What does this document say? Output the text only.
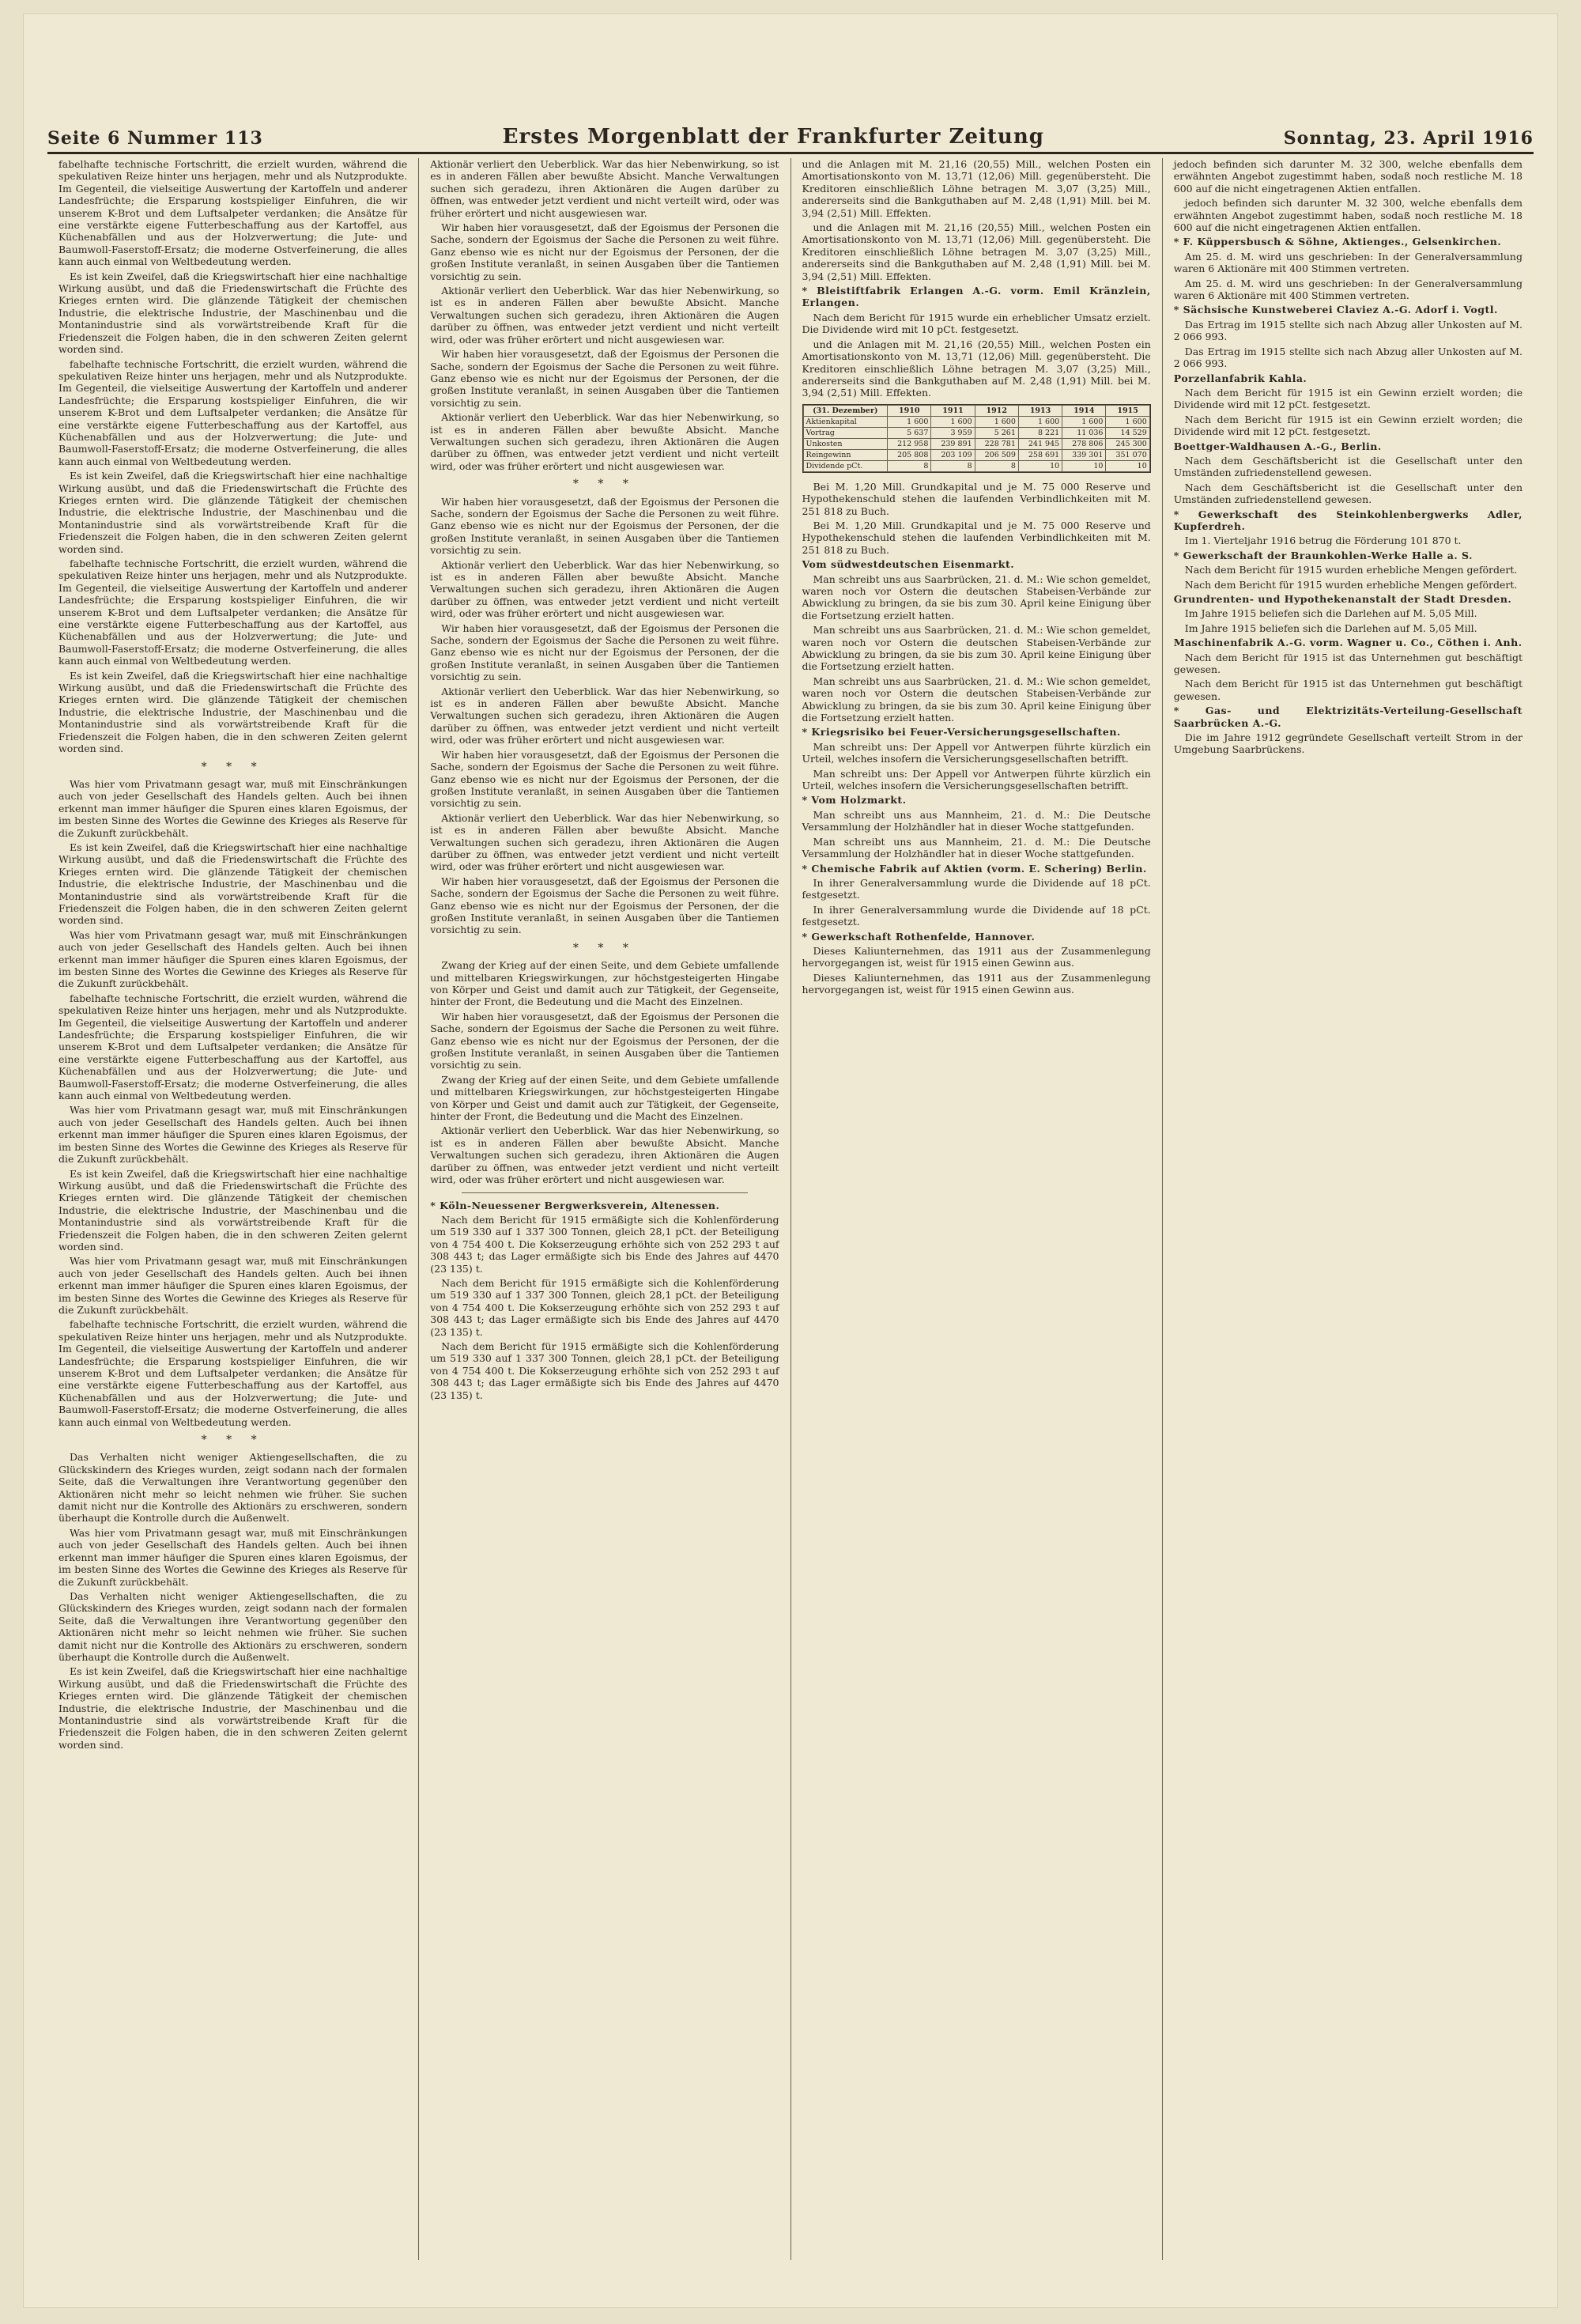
Seite 6 Nummer 113	Erstes Morgenblatt der Frankfurter Zeitung	Sonntag, 23. April 1916

fabelhafte technische Fortschritt, die erzielt wurden, während die spekulativen Reize hinter uns herjagen, mehr und als Nutzprodukte. Im Gegenteil, die vielseitige Auswertung der Kartoffeln und anderer Landesfrüchte; die Ersparung kostspieliger Einfuhren, die wir unserem K-Brot und dem Luftsalpeter verdanken; die Ansätze für eine verstärkte eigene Futterbeschaffung aus der Kartoffel, aus Küchenabfällen und aus der Holzverwertung; die Jute- und Baumwoll-Faserstoff-Ersatz; die moderne Ostverfeinerung, die alles kann auch einmal von Weltbedeutung werden.

Es ist kein Zweifel, daß die Kriegswirtschaft hier eine nachhaltige Wirkung ausübt, und daß die Friedenswirtschaft die Früchte des Krieges ernten wird. Die glänzende Tätigkeit der chemischen Industrie, die elektrische Industrie, der Maschinenbau und die Montanindustrie sind als vorwärtstreibende Kraft für die Friedenszeit die Folgen haben, die in den schweren Zeiten gelernt worden sind.

fabelhafte technische Fortschritt, die erzielt wurden, während die spekulativen Reize hinter uns herjagen, mehr und als Nutzprodukte. Im Gegenteil, die vielseitige Auswertung der Kartoffeln und anderer Landesfrüchte; die Ersparung kostspieliger Einfuhren, die wir unserem K-Brot und dem Luftsalpeter verdanken; die Ansätze für eine verstärkte eigene Futterbeschaffung aus der Kartoffel, aus Küchenabfällen und aus der Holzverwertung; die Jute- und Baumwoll-Faserstoff-Ersatz; die moderne Ostverfeinerung, die alles kann auch einmal von Weltbedeutung werden.

Es ist kein Zweifel, daß die Kriegswirtschaft hier eine nachhaltige Wirkung ausübt, und daß die Friedenswirtschaft die Früchte des Krieges ernten wird. Die glänzende Tätigkeit der chemischen Industrie, die elektrische Industrie, der Maschinenbau und die Montanindustrie sind als vorwärtstreibende Kraft für die Friedenszeit die Folgen haben, die in den schweren Zeiten gelernt worden sind.

fabelhafte technische Fortschritt, die erzielt wurden, während die spekulativen Reize hinter uns herjagen, mehr und als Nutzprodukte. Im Gegenteil, die vielseitige Auswertung der Kartoffeln und anderer Landesfrüchte; die Ersparung kostspieliger Einfuhren, die wir unserem K-Brot und dem Luftsalpeter verdanken; die Ansätze für eine verstärkte eigene Futterbeschaffung aus der Kartoffel, aus Küchenabfällen und aus der Holzverwertung; die Jute- und Baumwoll-Faserstoff-Ersatz; die moderne Ostverfeinerung, die alles kann auch einmal von Weltbedeutung werden.

Es ist kein Zweifel, daß die Kriegswirtschaft hier eine nachhaltige Wirkung ausübt, und daß die Friedenswirtschaft die Früchte des Krieges ernten wird. Die glänzende Tätigkeit der chemischen Industrie, die elektrische Industrie, der Maschinenbau und die Montanindustrie sind als vorwärtstreibende Kraft für die Friedenszeit die Folgen haben, die in den schweren Zeiten gelernt worden sind.

* * *

Was hier vom Privatmann gesagt war, muß mit Einschränkungen auch von jeder Gesellschaft des Handels gelten. Auch bei ihnen erkennt man immer häufiger die Spuren eines klaren Egoismus, der im besten Sinne des Wortes die Gewinne des Krieges als Reserve für die Zukunft zurückbehält.

Es ist kein Zweifel, daß die Kriegswirtschaft hier eine nachhaltige Wirkung ausübt, und daß die Friedenswirtschaft die Früchte des Krieges ernten wird. Die glänzende Tätigkeit der chemischen Industrie, die elektrische Industrie, der Maschinenbau und die Montanindustrie sind als vorwärtstreibende Kraft für die Friedenszeit die Folgen haben, die in den schweren Zeiten gelernt worden sind.

Was hier vom Privatmann gesagt war, muß mit Einschränkungen auch von jeder Gesellschaft des Handels gelten. Auch bei ihnen erkennt man immer häufiger die Spuren eines klaren Egoismus, der im besten Sinne des Wortes die Gewinne des Krieges als Reserve für die Zukunft zurückbehält.

fabelhafte technische Fortschritt, die erzielt wurden, während die spekulativen Reize hinter uns herjagen, mehr und als Nutzprodukte. Im Gegenteil, die vielseitige Auswertung der Kartoffeln und anderer Landesfrüchte; die Ersparung kostspieliger Einfuhren, die wir unserem K-Brot und dem Luftsalpeter verdanken; die Ansätze für eine verstärkte eigene Futterbeschaffung aus der Kartoffel, aus Küchenabfällen und aus der Holzverwertung; die Jute- und Baumwoll-Faserstoff-Ersatz; die moderne Ostverfeinerung, die alles kann auch einmal von Weltbedeutung werden.

Was hier vom Privatmann gesagt war, muß mit Einschränkungen auch von jeder Gesellschaft des Handels gelten. Auch bei ihnen erkennt man immer häufiger die Spuren eines klaren Egoismus, der im besten Sinne des Wortes die Gewinne des Krieges als Reserve für die Zukunft zurückbehält.

Es ist kein Zweifel, daß die Kriegswirtschaft hier eine nachhaltige Wirkung ausübt, und daß die Friedenswirtschaft die Früchte des Krieges ernten wird. Die glänzende Tätigkeit der chemischen Industrie, die elektrische Industrie, der Maschinenbau und die Montanindustrie sind als vorwärtstreibende Kraft für die Friedenszeit die Folgen haben, die in den schweren Zeiten gelernt worden sind.

Was hier vom Privatmann gesagt war, muß mit Einschränkungen auch von jeder Gesellschaft des Handels gelten. Auch bei ihnen erkennt man immer häufiger die Spuren eines klaren Egoismus, der im besten Sinne des Wortes die Gewinne des Krieges als Reserve für die Zukunft zurückbehält.

fabelhafte technische Fortschritt, die erzielt wurden, während die spekulativen Reize hinter uns herjagen, mehr und als Nutzprodukte. Im Gegenteil, die vielseitige Auswertung der Kartoffeln und anderer Landesfrüchte; die Ersparung kostspieliger Einfuhren, die wir unserem K-Brot und dem Luftsalpeter verdanken; die Ansätze für eine verstärkte eigene Futterbeschaffung aus der Kartoffel, aus Küchenabfällen und aus der Holzverwertung; die Jute- und Baumwoll-Faserstoff-Ersatz; die moderne Ostverfeinerung, die alles kann auch einmal von Weltbedeutung werden.

* * *

Das Verhalten nicht weniger Aktiengesellschaften, die zu Glückskindern des Krieges wurden, zeigt sodann nach der formalen Seite, daß die Verwaltungen ihre Verantwortung gegenüber den Aktionären nicht mehr so leicht nehmen wie früher. Sie suchen damit nicht nur die Kontrolle des Aktionärs zu erschweren, sondern überhaupt die Kontrolle durch die Außenwelt.

Was hier vom Privatmann gesagt war, muß mit Einschränkungen auch von jeder Gesellschaft des Handels gelten. Auch bei ihnen erkennt man immer häufiger die Spuren eines klaren Egoismus, der im besten Sinne des Wortes die Gewinne des Krieges als Reserve für die Zukunft zurückbehält.

Das Verhalten nicht weniger Aktiengesellschaften, die zu Glückskindern des Krieges wurden, zeigt sodann nach der formalen Seite, daß die Verwaltungen ihre Verantwortung gegenüber den Aktionären nicht mehr so leicht nehmen wie früher. Sie suchen damit nicht nur die Kontrolle des Aktionärs zu erschweren, sondern überhaupt die Kontrolle durch die Außenwelt.

Es ist kein Zweifel, daß die Kriegswirtschaft hier eine nachhaltige Wirkung ausübt, und daß die Friedenswirtschaft die Früchte des Krieges ernten wird. Die glänzende Tätigkeit der chemischen Industrie, die elektrische Industrie, der Maschinenbau und die Montanindustrie sind als vorwärtstreibende Kraft für die Friedenszeit die Folgen haben, die in den schweren Zeiten gelernt worden sind.

Aktionär verliert den Ueberblick. War das hier Nebenwirkung, so ist es in anderen Fällen aber bewußte Absicht. Manche Verwaltungen suchen sich geradezu, ihren Aktionären die Augen darüber zu öffnen, was entweder jetzt verdient und nicht verteilt wird, oder was früher erörtert und nicht ausgewiesen war.

Wir haben hier vorausgesetzt, daß der Egoismus der Personen die Sache, sondern der Egoismus der Sache die Personen zu weit führe. Ganz ebenso wie es nicht nur der Egoismus der Personen, der die großen Institute veranlaßt, in seinen Ausgaben über die Tantiemen vorsichtig zu sein.

Aktionär verliert den Ueberblick. War das hier Nebenwirkung, so ist es in anderen Fällen aber bewußte Absicht. Manche Verwaltungen suchen sich geradezu, ihren Aktionären die Augen darüber zu öffnen, was entweder jetzt verdient und nicht verteilt wird, oder was früher erörtert und nicht ausgewiesen war.

Wir haben hier vorausgesetzt, daß der Egoismus der Personen die Sache, sondern der Egoismus der Sache die Personen zu weit führe. Ganz ebenso wie es nicht nur der Egoismus der Personen, der die großen Institute veranlaßt, in seinen Ausgaben über die Tantiemen vorsichtig zu sein.

Aktionär verliert den Ueberblick. War das hier Nebenwirkung, so ist es in anderen Fällen aber bewußte Absicht. Manche Verwaltungen suchen sich geradezu, ihren Aktionären die Augen darüber zu öffnen, was entweder jetzt verdient und nicht verteilt wird, oder was früher erörtert und nicht ausgewiesen war.

* * *

Wir haben hier vorausgesetzt, daß der Egoismus der Personen die Sache, sondern der Egoismus der Sache die Personen zu weit führe. Ganz ebenso wie es nicht nur der Egoismus der Personen, der die großen Institute veranlaßt, in seinen Ausgaben über die Tantiemen vorsichtig zu sein.

Aktionär verliert den Ueberblick. War das hier Nebenwirkung, so ist es in anderen Fällen aber bewußte Absicht. Manche Verwaltungen suchen sich geradezu, ihren Aktionären die Augen darüber zu öffnen, was entweder jetzt verdient und nicht verteilt wird, oder was früher erörtert und nicht ausgewiesen war.

Wir haben hier vorausgesetzt, daß der Egoismus der Personen die Sache, sondern der Egoismus der Sache die Personen zu weit führe. Ganz ebenso wie es nicht nur der Egoismus der Personen, der die großen Institute veranlaßt, in seinen Ausgaben über die Tantiemen vorsichtig zu sein.

Aktionär verliert den Ueberblick. War das hier Nebenwirkung, so ist es in anderen Fällen aber bewußte Absicht. Manche Verwaltungen suchen sich geradezu, ihren Aktionären die Augen darüber zu öffnen, was entweder jetzt verdient und nicht verteilt wird, oder was früher erörtert und nicht ausgewiesen war.

Wir haben hier vorausgesetzt, daß der Egoismus der Personen die Sache, sondern der Egoismus der Sache die Personen zu weit führe. Ganz ebenso wie es nicht nur der Egoismus der Personen, der die großen Institute veranlaßt, in seinen Ausgaben über die Tantiemen vorsichtig zu sein.

Aktionär verliert den Ueberblick. War das hier Nebenwirkung, so ist es in anderen Fällen aber bewußte Absicht. Manche Verwaltungen suchen sich geradezu, ihren Aktionären die Augen darüber zu öffnen, was entweder jetzt verdient und nicht verteilt wird, oder was früher erörtert und nicht ausgewiesen war.

Wir haben hier vorausgesetzt, daß der Egoismus der Personen die Sache, sondern der Egoismus der Sache die Personen zu weit führe. Ganz ebenso wie es nicht nur der Egoismus der Personen, der die großen Institute veranlaßt, in seinen Ausgaben über die Tantiemen vorsichtig zu sein.

* * *

Zwang der Krieg auf der einen Seite, und dem Gebiete umfallende und mittelbaren Kriegswirkungen, zur höchstgesteigerten Hingabe von Körper und Geist und damit auch zur Tätigkeit, der Gegenseite, hinter der Front, die Bedeutung und die Macht des Einzelnen.

Wir haben hier vorausgesetzt, daß der Egoismus der Personen die Sache, sondern der Egoismus der Sache die Personen zu weit führe. Ganz ebenso wie es nicht nur der Egoismus der Personen, der die großen Institute veranlaßt, in seinen Ausgaben über die Tantiemen vorsichtig zu sein.

Zwang der Krieg auf der einen Seite, und dem Gebiete umfallende und mittelbaren Kriegswirkungen, zur höchstgesteigerten Hingabe von Körper und Geist und damit auch zur Tätigkeit, der Gegenseite, hinter der Front, die Bedeutung und die Macht des Einzelnen.

Aktionär verliert den Ueberblick. War das hier Nebenwirkung, so ist es in anderen Fällen aber bewußte Absicht. Manche Verwaltungen suchen sich geradezu, ihren Aktionären die Augen darüber zu öffnen, was entweder jetzt verdient und nicht verteilt wird, oder was früher erörtert und nicht ausgewiesen war.

* Köln-Neuessener Bergwerksverein, Altenessen.

Nach dem Bericht für 1915 ermäßigte sich die Kohlenförderung um 519 330 auf 1 337 300 Tonnen, gleich 28,1 pCt. der Beteiligung von 4 754 400 t. Die Kokserzeugung erhöhte sich von 252 293 t auf 308 443 t; das Lager ermäßigte sich bis Ende des Jahres auf 4470 (23 135) t.

Nach dem Bericht für 1915 ermäßigte sich die Kohlenförderung um 519 330 auf 1 337 300 Tonnen, gleich 28,1 pCt. der Beteiligung von 4 754 400 t. Die Kokserzeugung erhöhte sich von 252 293 t auf 308 443 t; das Lager ermäßigte sich bis Ende des Jahres auf 4470 (23 135) t.

Nach dem Bericht für 1915 ermäßigte sich die Kohlenförderung um 519 330 auf 1 337 300 Tonnen, gleich 28,1 pCt. der Beteiligung von 4 754 400 t. Die Kokserzeugung erhöhte sich von 252 293 t auf 308 443 t; das Lager ermäßigte sich bis Ende des Jahres auf 4470 (23 135) t.

und die Anlagen mit M. 21,16 (20,55) Mill., welchen Posten ein Amortisationskonto von M. 13,71 (12,06) Mill. gegenübersteht. Die Kreditoren einschließlich Löhne betragen M. 3,07 (3,25) Mill., andererseits sind die Bankguthaben auf M. 2,48 (1,91) Mill. bei M. 3,94 (2,51) Mill. Effekten.

und die Anlagen mit M. 21,16 (20,55) Mill., welchen Posten ein Amortisationskonto von M. 13,71 (12,06) Mill. gegenübersteht. Die Kreditoren einschließlich Löhne betragen M. 3,07 (3,25) Mill., andererseits sind die Bankguthaben auf M. 2,48 (1,91) Mill. bei M. 3,94 (2,51) Mill. Effekten.

* Bleistiftfabrik Erlangen A.-G. vorm. Emil Kränzlein, Erlangen.

Nach dem Bericht für 1915 wurde ein erheblicher Umsatz erzielt. Die Dividende wird mit 10 pCt. festgesetzt.

und die Anlagen mit M. 21,16 (20,55) Mill., welchen Posten ein Amortisationskonto von M. 13,71 (12,06) Mill. gegenübersteht. Die Kreditoren einschließlich Löhne betragen M. 3,07 (3,25) Mill., andererseits sind die Bankguthaben auf M. 2,48 (1,91) Mill. bei M. 3,94 (2,51) Mill. Effekten.

(31. Dezember)	1910	1911	1912	1913	1914	1915
Aktienkapital	1 600	1 600	1 600	1 600	1 600	1 600
Vortrag	5 637	3 959	5 261	8 221	11 036	14 529
Unkosten	212 958	239 891	228 781	241 945	278 806	245 300
Reingewinn	205 808	203 109	206 509	258 691	339 301	351 070
Dividende pCt.	8	8	8	10	10	10

Bei M. 1,20 Mill. Grundkapital und je M. 75 000 Reserve und Hypothekenschuld stehen die laufenden Verbindlichkeiten mit M. 251 818 zu Buch.

Bei M. 1,20 Mill. Grundkapital und je M. 75 000 Reserve und Hypothekenschuld stehen die laufenden Verbindlichkeiten mit M. 251 818 zu Buch.

Vom südwestdeutschen Eisenmarkt.

Man schreibt uns aus Saarbrücken, 21. d. M.: Wie schon gemeldet, waren noch vor Ostern die deutschen Stabeisen-Verbände zur Abwicklung zu bringen, da sie bis zum 30. April keine Einigung über die Fortsetzung erzielt hatten.

Man schreibt uns aus Saarbrücken, 21. d. M.: Wie schon gemeldet, waren noch vor Ostern die deutschen Stabeisen-Verbände zur Abwicklung zu bringen, da sie bis zum 30. April keine Einigung über die Fortsetzung erzielt hatten.

Man schreibt uns aus Saarbrücken, 21. d. M.: Wie schon gemeldet, waren noch vor Ostern die deutschen Stabeisen-Verbände zur Abwicklung zu bringen, da sie bis zum 30. April keine Einigung über die Fortsetzung erzielt hatten.

* Kriegsrisiko bei Feuer-Versicherungsgesellschaften.

Man schreibt uns: Der Appell vor Antwerpen führte kürzlich ein Urteil, welches insofern die Versicherungsgesellschaften betrifft.

Man schreibt uns: Der Appell vor Antwerpen führte kürzlich ein Urteil, welches insofern die Versicherungsgesellschaften betrifft.

* Vom Holzmarkt.

Man schreibt uns aus Mannheim, 21. d. M.: Die Deutsche Versammlung der Holzhändler hat in dieser Woche stattgefunden.

Man schreibt uns aus Mannheim, 21. d. M.: Die Deutsche Versammlung der Holzhändler hat in dieser Woche stattgefunden.

* Chemische Fabrik auf Aktien (vorm. E. Schering) Berlin.

In ihrer Generalversammlung wurde die Dividende auf 18 pCt. festgesetzt.

In ihrer Generalversammlung wurde die Dividende auf 18 pCt. festgesetzt.

* Gewerkschaft Rothenfelde, Hannover.

Dieses Kaliunternehmen, das 1911 aus der Zusammenlegung hervorgegangen ist, weist für 1915 einen Gewinn aus.

Dieses Kaliunternehmen, das 1911 aus der Zusammenlegung hervorgegangen ist, weist für 1915 einen Gewinn aus.

jedoch befinden sich darunter M. 32 300, welche ebenfalls dem erwähnten Angebot zugestimmt haben, sodaß noch restliche M. 18 600 auf die nicht eingetragenen Aktien entfallen.

jedoch befinden sich darunter M. 32 300, welche ebenfalls dem erwähnten Angebot zugestimmt haben, sodaß noch restliche M. 18 600 auf die nicht eingetragenen Aktien entfallen.

* F. Küppersbusch & Söhne, Aktienges., Gelsenkirchen.

Am 25. d. M. wird uns geschrieben: In der Generalversammlung waren 6 Aktionäre mit 400 Stimmen vertreten.

Am 25. d. M. wird uns geschrieben: In der Generalversammlung waren 6 Aktionäre mit 400 Stimmen vertreten.

* Sächsische Kunstweberei Claviez A.-G. Adorf i. Vogtl.

Das Ertrag im 1915 stellte sich nach Abzug aller Unkosten auf M. 2 066 993.

Das Ertrag im 1915 stellte sich nach Abzug aller Unkosten auf M. 2 066 993.

Porzellanfabrik Kahla.

Nach dem Bericht für 1915 ist ein Gewinn erzielt worden; die Dividende wird mit 12 pCt. festgesetzt.

Nach dem Bericht für 1915 ist ein Gewinn erzielt worden; die Dividende wird mit 12 pCt. festgesetzt.

Boettger-Waldhausen A.-G., Berlin.

Nach dem Geschäftsbericht ist die Gesellschaft unter den Umständen zufriedenstellend gewesen.

Nach dem Geschäftsbericht ist die Gesellschaft unter den Umständen zufriedenstellend gewesen.

* Gewerkschaft des Steinkohlenbergwerks Adler, Kupferdreh.

Im 1. Vierteljahr 1916 betrug die Förderung 101 870 t.

* Gewerkschaft der Braunkohlen-Werke Halle a. S.

Nach dem Bericht für 1915 wurden erhebliche Mengen gefördert.

Nach dem Bericht für 1915 wurden erhebliche Mengen gefördert.

Grundrenten- und Hypothekenanstalt der Stadt Dresden.

Im Jahre 1915 beliefen sich die Darlehen auf M. 5,05 Mill.

Im Jahre 1915 beliefen sich die Darlehen auf M. 5,05 Mill.

Maschinenfabrik A.-G. vorm. Wagner u. Co., Cöthen i. Anh.

Nach dem Bericht für 1915 ist das Unternehmen gut beschäftigt gewesen.

Nach dem Bericht für 1915 ist das Unternehmen gut beschäftigt gewesen.

* Gas- und Elektrizitäts-Verteilung-Gesellschaft Saarbrücken A.-G.

Die im Jahre 1912 gegründete Gesellschaft verteilt Strom in der Umgebung Saarbrückens.
